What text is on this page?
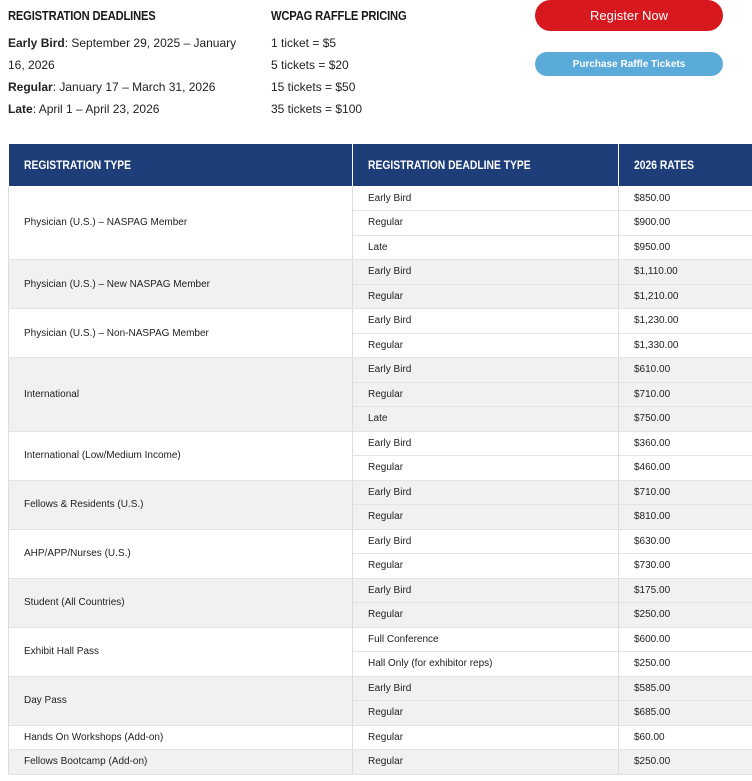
REGISTRATION DEADLINES
Early Bird: September 29, 2025 – January 16, 2026
Regular: January 17 – March 31, 2026
Late: April 1 – April 23, 2026
WCPAG RAFFLE PRICING
1 ticket = $5
5 tickets = $20
15 tickets = $50
35 tickets = $100
Register Now
Purchase Raffle Tickets
REGISTRATION TYPE	REGISTRATION DEADLINE TYPE	2026 RATES
Physician (U.S.) – NASPAG Member	Early Bird	$850.00
	Regular	$900.00
	Late	$950.00
Physician (U.S.) – New NASPAG Member	Early Bird	$1,110.00
	Regular	$1,210.00
Physician (U.S.) – Non-NASPAG Member	Early Bird	$1,230.00
	Regular	$1,330.00
International	Early Bird	$610.00
	Regular	$710.00
	Late	$750.00
International (Low/Medium Income)	Early Bird	$360.00
	Regular	$460.00
Fellows & Residents (U.S.)	Early Bird	$710.00
	Regular	$810.00
AHP/APP/Nurses (U.S.)	Early Bird	$630.00
	Regular	$730.00
Student (All Countries)	Early Bird	$175.00
	Regular	$250.00
Exhibit Hall Pass	Full Conference	$600.00
	Hall Only (for exhibitor reps)	$250.00
Day Pass	Early Bird	$585.00
	Regular	$685.00
Hands On Workshops (Add-on)	Regular	$60.00
Fellows Bootcamp (Add-on)	Regular	$250.00
